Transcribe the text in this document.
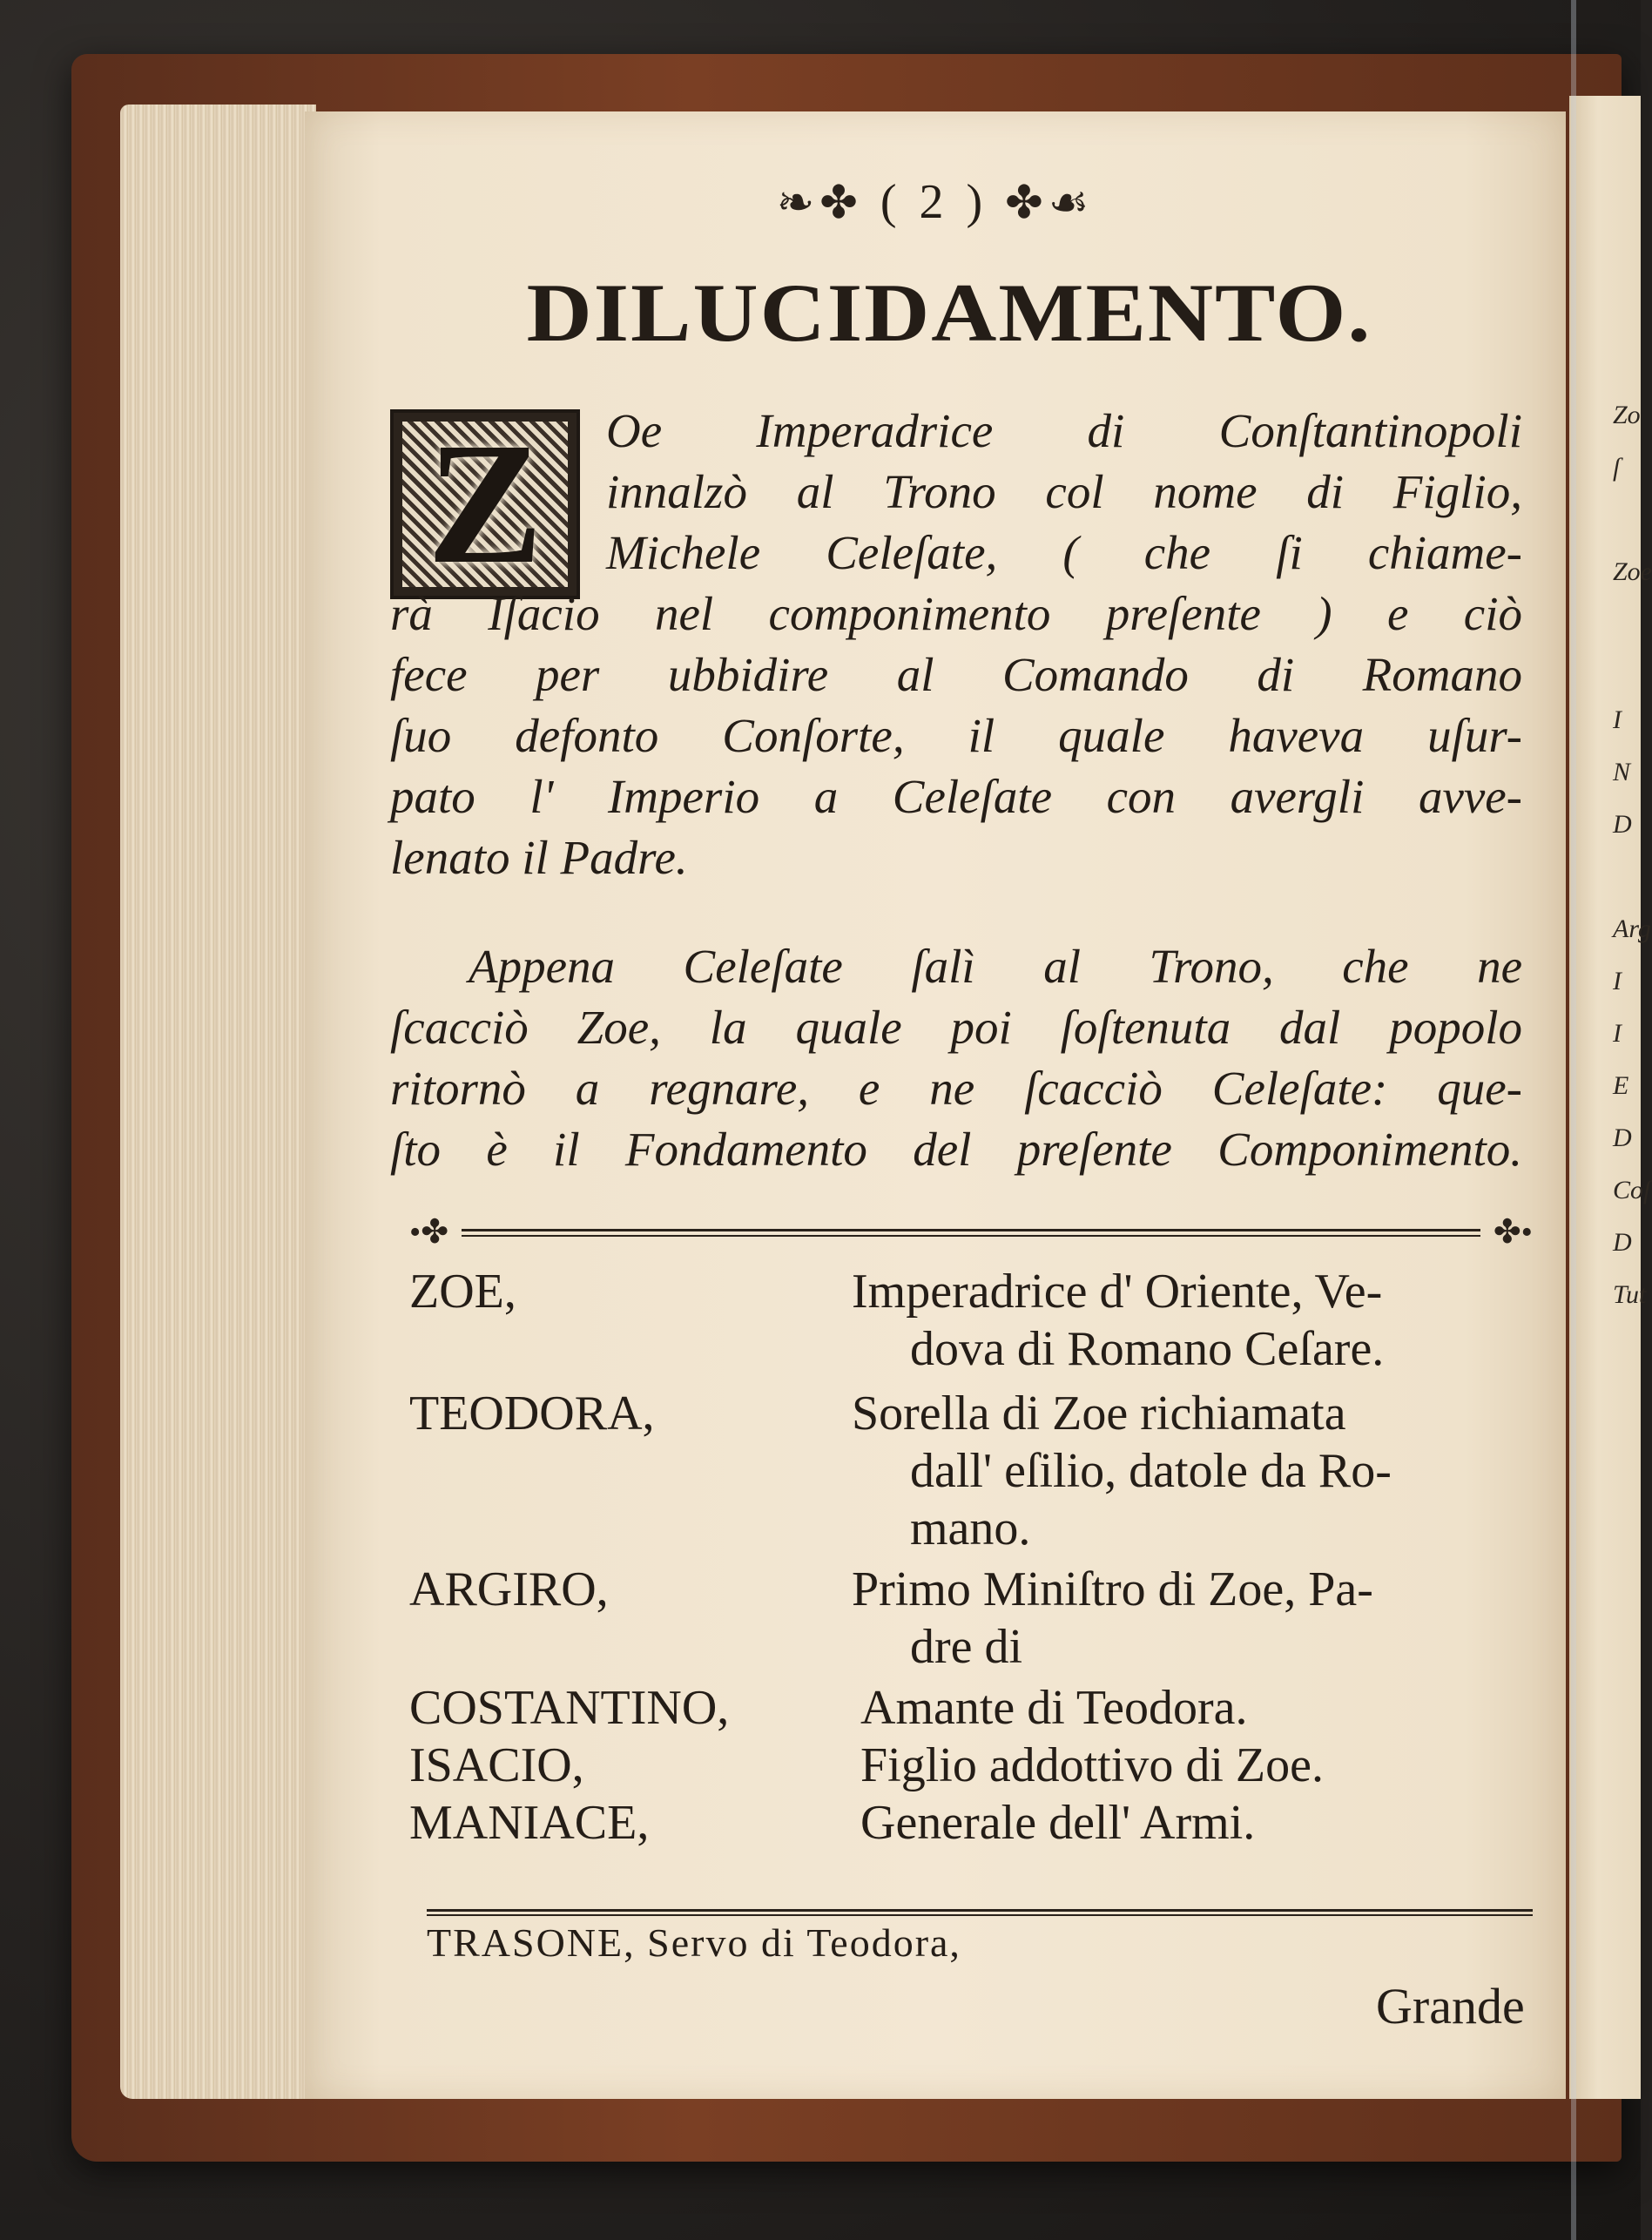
Zo
ſ
Zoe
I
N
D
Arg
I
I
E
D
Coſ
D
Tut
❧✤ ( 2 ) ✤☙
DILUCIDAMENTO.
Z	Oe Imperadrice di Conſtantinopoli
innalzò al Trono col nome di Figlio,
Michele Celeſate, ( che ſi chiame-
rà Iſacio nel componimento preſente ) e ciò
fece per ubbidire al Comando di Romano
ſuo defonto Conſorte, il quale haveva uſur-
pato l' Imperio a Celeſate con avergli avve-
lenato il Padre.
Appena Celeſate ſalì al Trono, che ne
ſcacciò Zoe, la quale poi ſoſtenuta dal popolo
ritornò a regnare, e ne ſcacciò Celeſate: que-
ſto è il Fondamento del preſente Componimento.
•✤	✤•
ZOE,	Imperadrice d' Oriente, Ve-
dova di Romano Ceſare.
TEODORA,	Sorella di Zoe richiamata
dall' eſilio, datole da Ro-
mano.
ARGIRO,	Primo Miniſtro di Zoe, Pa-
dre di
COSTANTINO,	Amante di Teodora.
ISACIO,	Figlio addottivo di Zoe.
MANIACE,	Generale dell' Armi.
TRASONE, Servo di Teodora,
Grande
